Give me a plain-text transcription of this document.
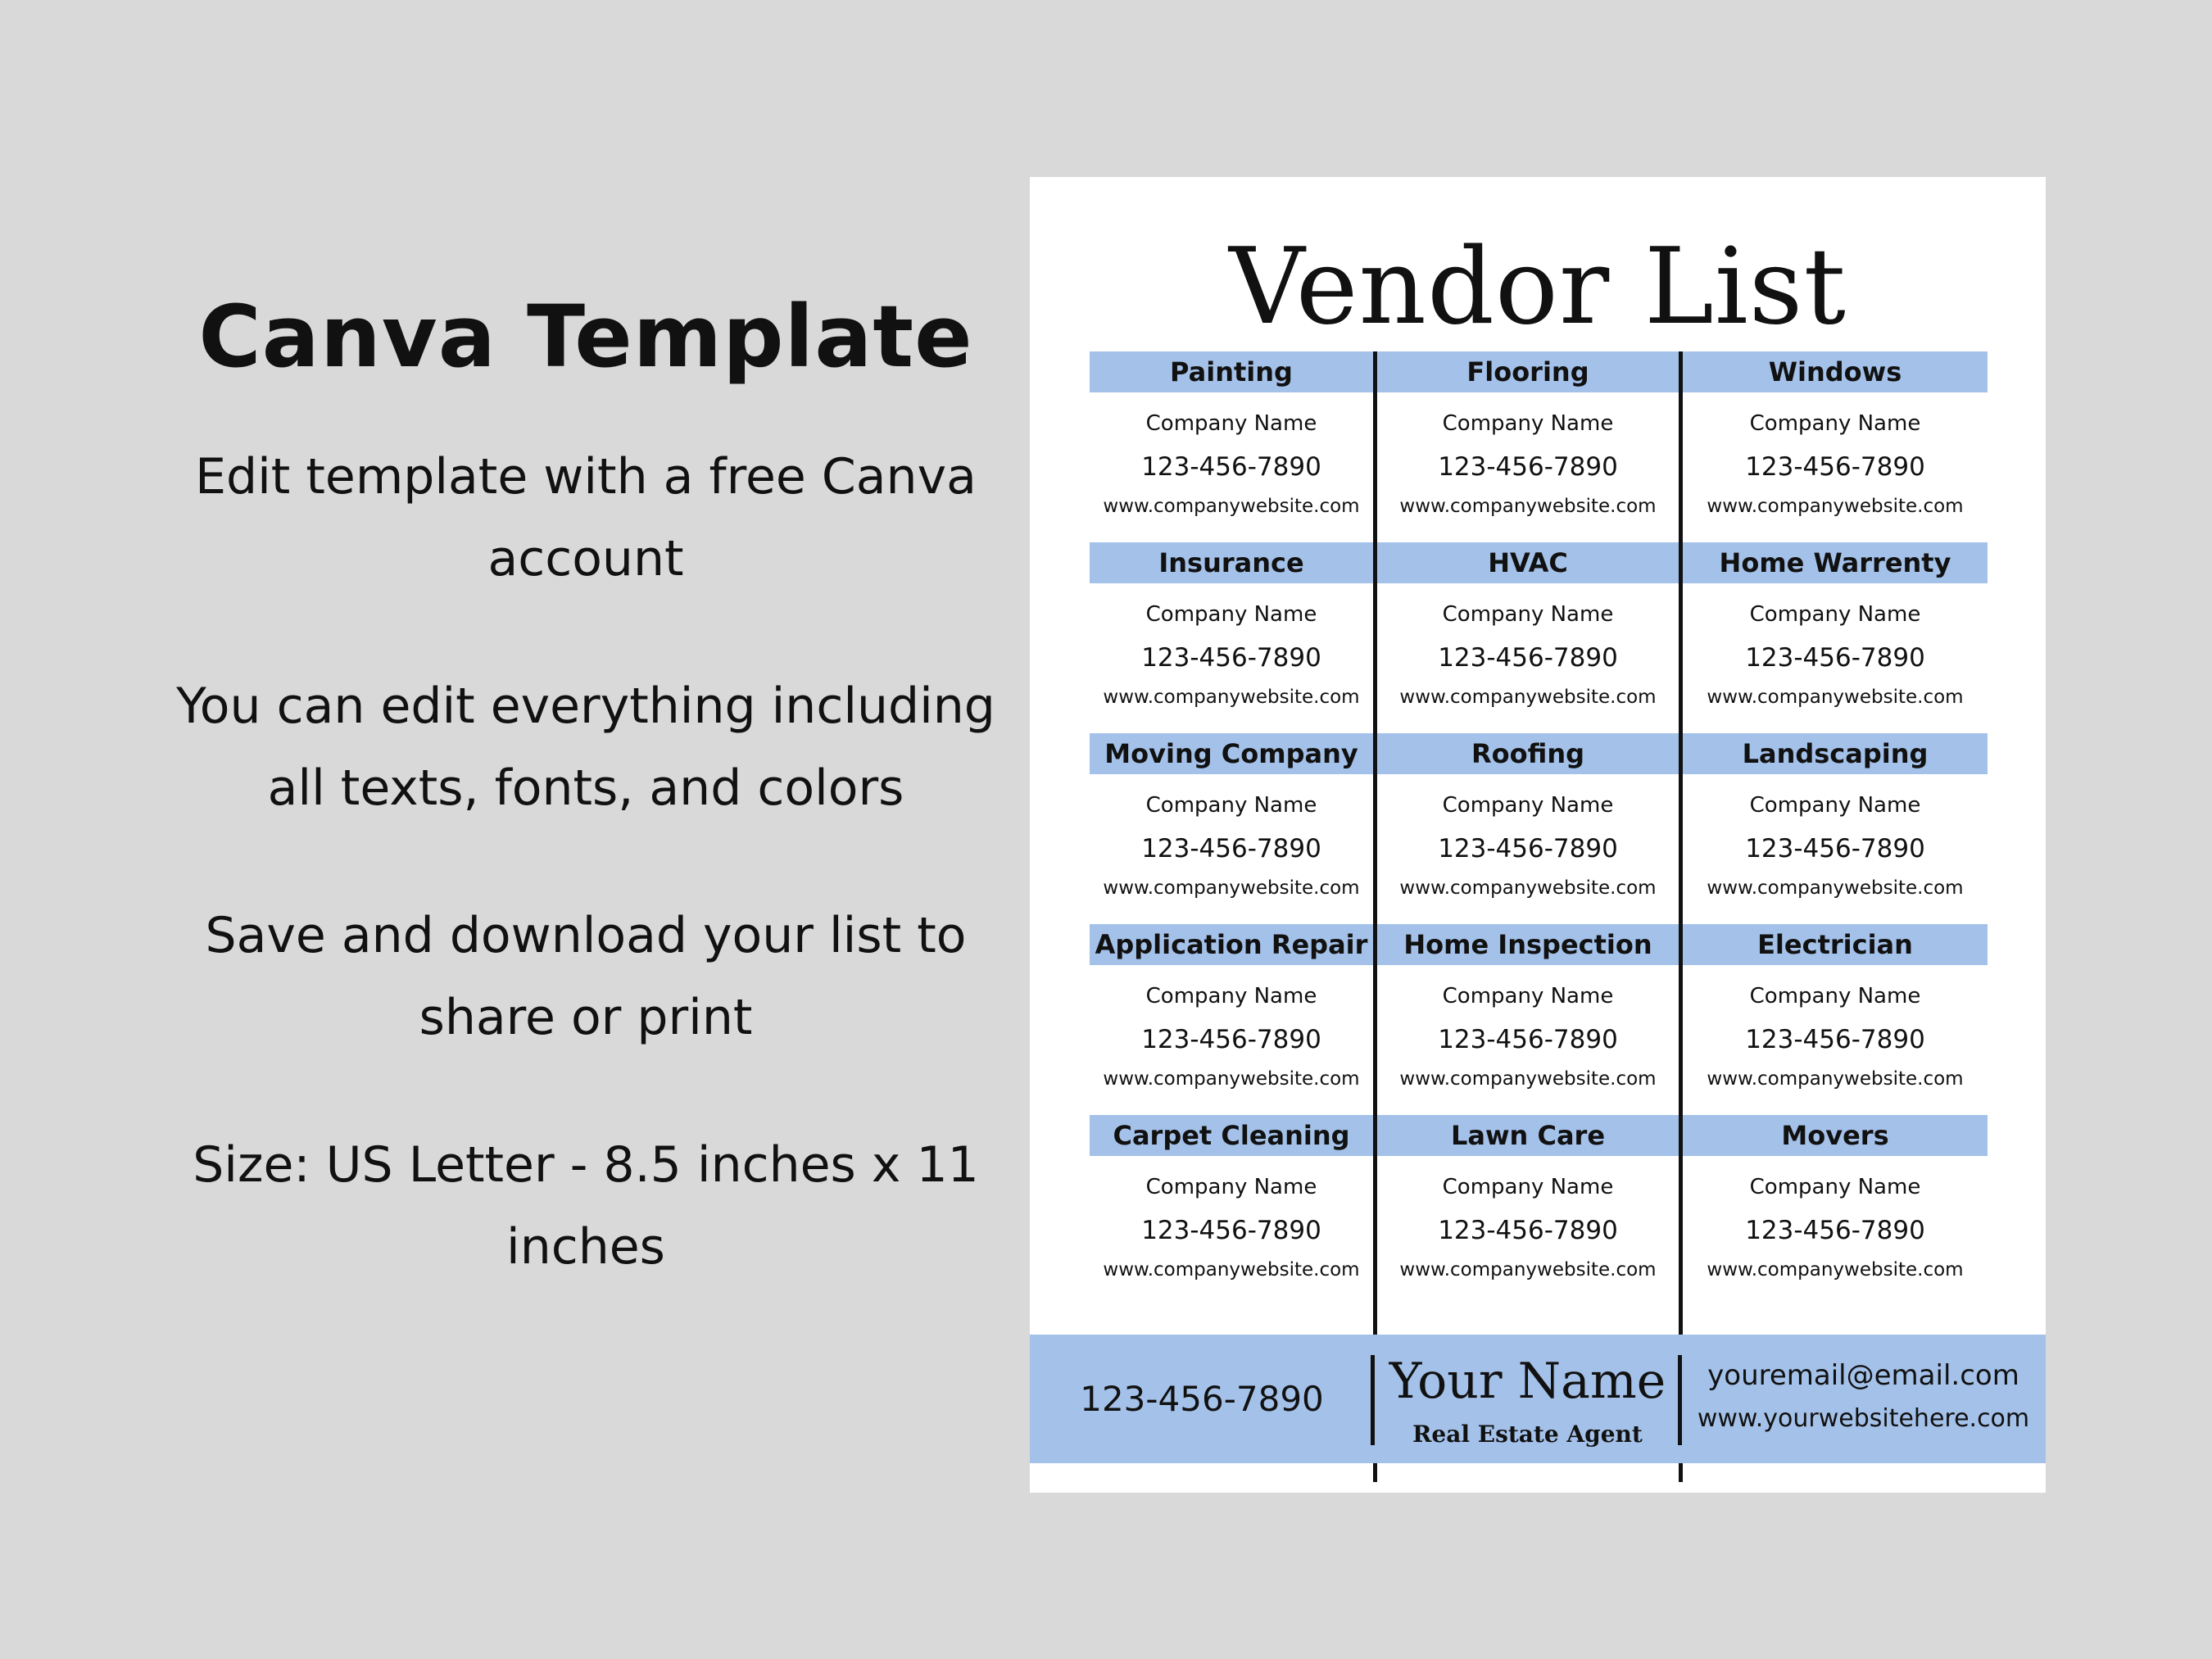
Canva Template

Edit template with a free Canva account

You can edit everything including all texts, fonts, and colors

Save and download your list to share or print

Size: US Letter - 8.5 inches x 11 inches

Vendor List
Painting
Company Name
123-456-7890
www.companywebsite.com
Flooring
Company Name
123-456-7890
www.companywebsite.com
Windows
Company Name
123-456-7890
www.companywebsite.com
Insurance
Company Name
123-456-7890
www.companywebsite.com
HVAC
Company Name
123-456-7890
www.companywebsite.com
Home Warrenty
Company Name
123-456-7890
www.companywebsite.com
Moving Company
Company Name
123-456-7890
www.companywebsite.com
Roofing
Company Name
123-456-7890
www.companywebsite.com
Landscaping
Company Name
123-456-7890
www.companywebsite.com
Application Repair
Company Name
123-456-7890
www.companywebsite.com
Home Inspection
Company Name
123-456-7890
www.companywebsite.com
Electrician
Company Name
123-456-7890
www.companywebsite.com
Carpet Cleaning
Company Name
123-456-7890
www.companywebsite.com
Lawn Care
Company Name
123-456-7890
www.companywebsite.com
Movers
Company Name
123-456-7890
www.companywebsite.com
123-456-7890	Your Name
Real Estate Agent
youremail@email.com
www.yourwebsitehere.com
